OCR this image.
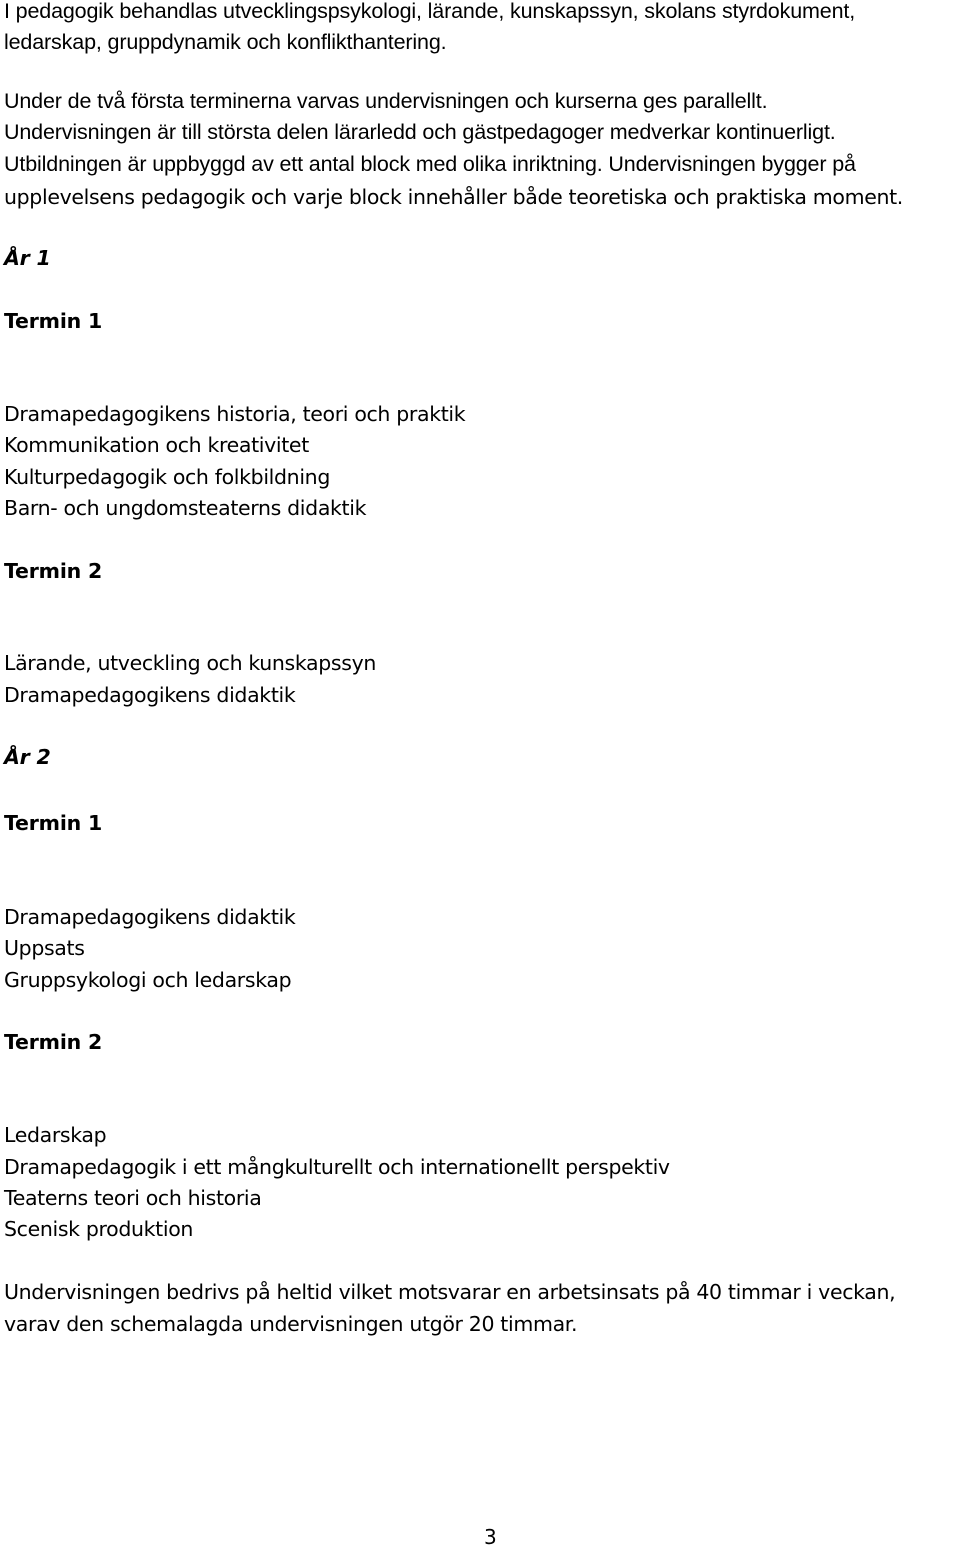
I pedagogik behandlas utvecklingspsykologi, lärande, kunskapssyn, skolans styrdokument,
ledarskap, gruppdynamik och konflikthantering.
Under de två första terminerna varvas undervisningen och kurserna ges parallellt.
Undervisningen är till största delen lärarledd och gästpedagoger medverkar kontinuerligt.
Utbildningen är uppbyggd av ett antal block med olika inriktning. Undervisningen bygger på
upplevelsens pedagogik och varje block innehåller både teoretiska och praktiska moment.
År 1
Termin 1
Dramapedagogikens historia, teori och praktik
Kommunikation och kreativitet
Kulturpedagogik och folkbildning
Barn- och ungdomsteaterns didaktik
Termin 2
Lärande, utveckling och kunskapssyn
Dramapedagogikens didaktik
År 2
Termin 1
Dramapedagogikens didaktik
Uppsats
Gruppsykologi och ledarskap
Termin 2
Ledarskap
Dramapedagogik i ett mångkulturellt och internationellt perspektiv
Teaterns teori och historia
Scenisk produktion
Undervisningen bedrivs på heltid vilket motsvarar en arbetsinsats på 40 timmar i veckan,
varav den schemalagda undervisningen utgör 20 timmar.
3
